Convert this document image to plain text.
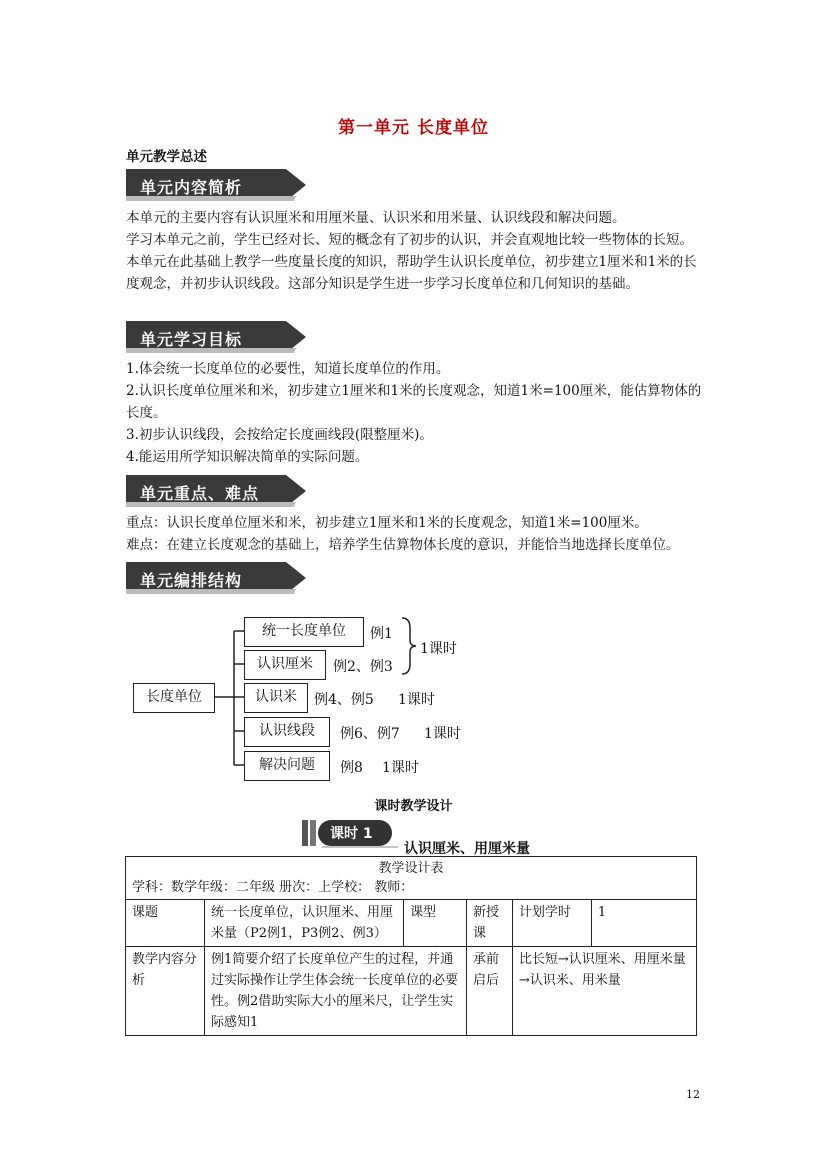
第一单元 长度单位
单元教学总述
单元内容简析

本单元的主要内容有认识厘米和用厘米量、认识米和用米量、认识线段和解决问题。

学习本单元之前，学生已经对长、短的概念有了初步的认识，并会直观地比较一些物体的长短。本单元在此基础上教学一些度量长度的知识，帮助学生认识长度单位，初步建立1厘米和1米的长度观念，并初步认识线段。这部分知识是学生进一步学习长度单位和几何知识的基础。

单元学习目标

1.体会统一长度单位的必要性，知道长度单位的作用。

2.认识长度单位厘米和米，初步建立1厘米和1米的长度观念，知道1米=100厘米，能估算物体的长度。

3.初步认识线段，会按给定长度画线段(限整厘米)。

4.能运用所学知识解决简单的实际问题。

单元重点、难点

重点：认识长度单位厘米和米，初步建立1厘米和1米的长度观念，知道1米=100厘米。

难点：在建立长度观念的基础上，培养学生估算物体长度的意识，并能恰当地选择长度单位。

单元编排结构
长度单位
统一长度单位	例1
认识厘米	例2、例3
1课时
认识米	例4、例5 1课时
认识线段	例6、例7 1课时
解决问题	例8 1课时
课时教学设计
课时 1
认识厘米、用厘米量
教学设计表
学科：数学年级：二年级 册次：上学校： 教师：					

课题	统一长度单位，认识厘米、用厘米量（P2例1，P3例2、例3）	课型	新授课	计划学时	1
教学内容分析	例1简要介绍了长度单位产生的过程，并通过实际操作让学生体会统一长度单位的必要性。例2借助实际大小的厘米尺，让学生实际感知1		承前启后	比长短→认识厘米、用厘米量→认识米、用米量	
12
